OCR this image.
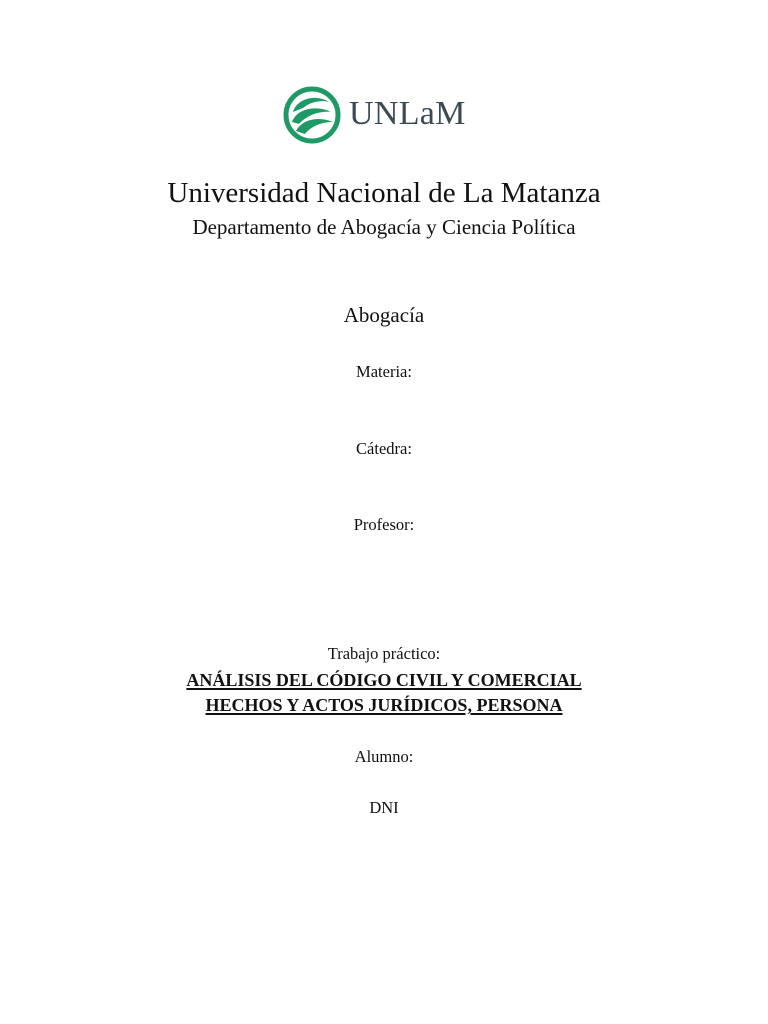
UNLaM
Universidad Nacional de La Matanza
Departamento de Abogacía y Ciencia Política
Abogacía
Materia:
Cátedra:
Profesor:
Trabajo práctico:
ANÁLISIS DEL CÓDIGO CIVIL Y COMERCIAL
HECHOS Y ACTOS JURÍDICOS, PERSONA
Alumno:
DNI
